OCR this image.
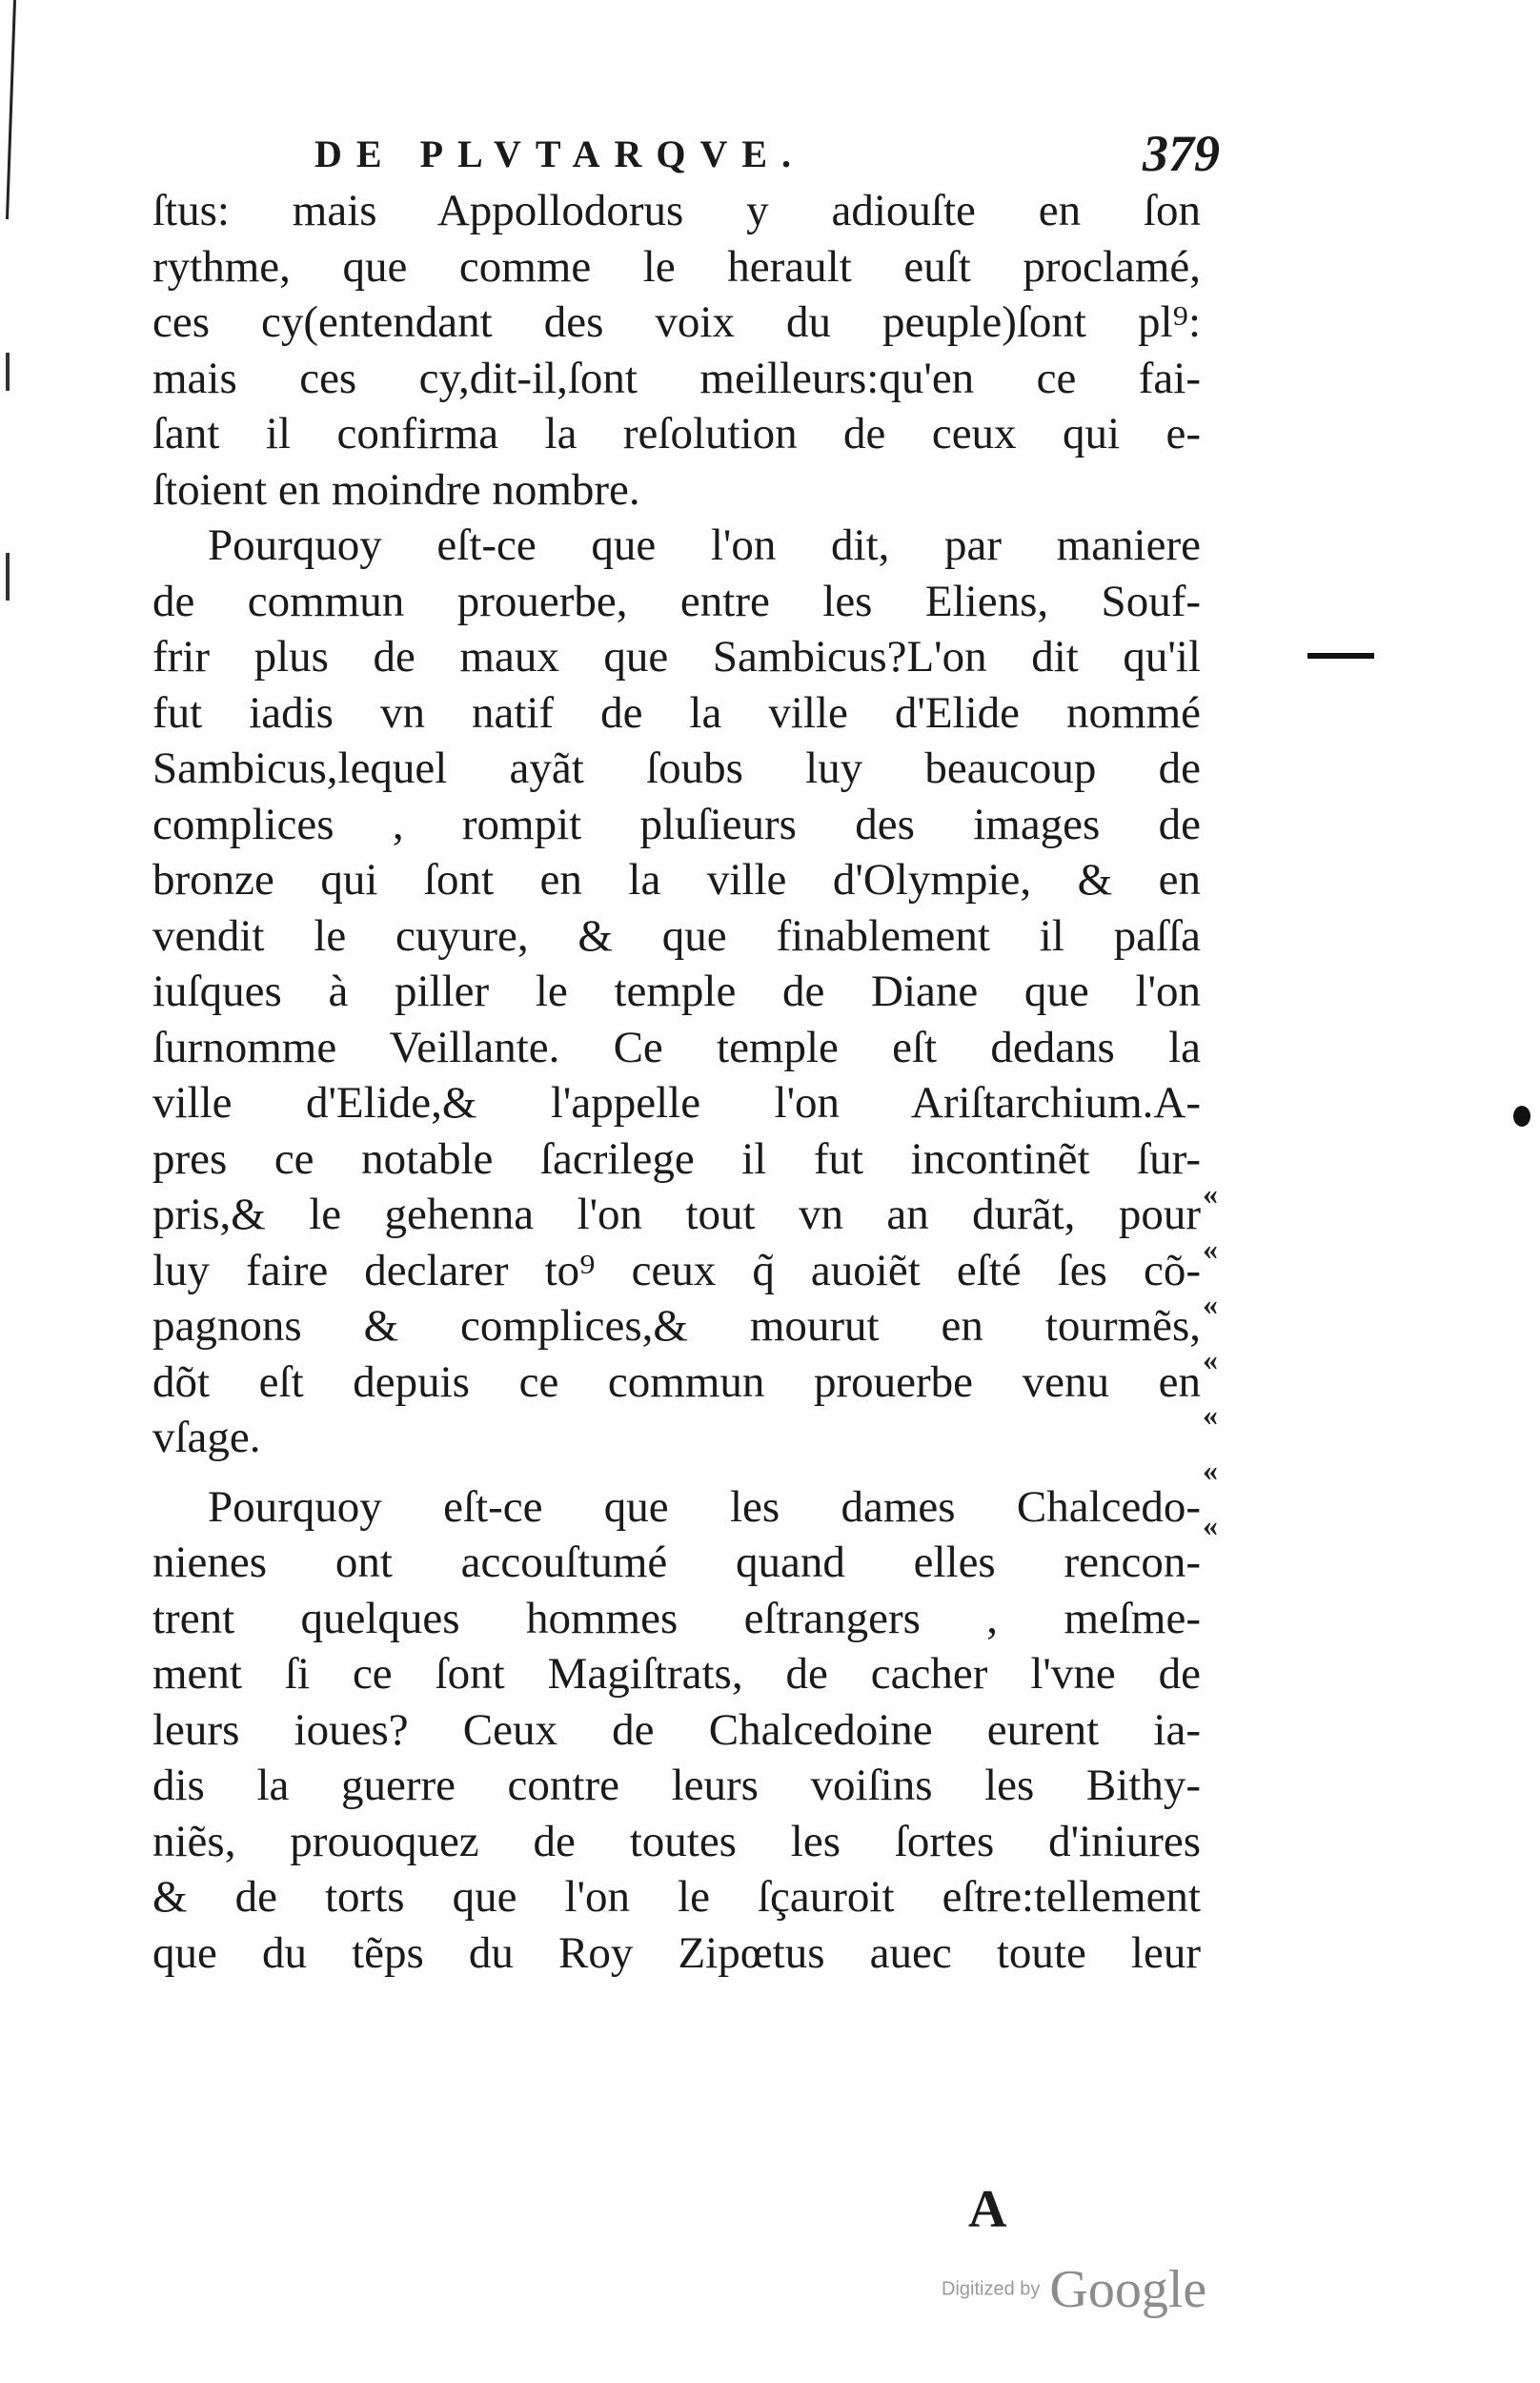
DE PLVTARQVE.	379
ſtus: mais Appollodorus y adiouſte en ſon
rythme, que comme le herault euſt proclamé,
ces cy(entendant des voix du peuple)ſont pl⁹:
mais ces cy,dit-il,ſont meilleurs:qu'en ce fai-
ſant il confirma la reſolution de ceux qui e-
ſtoient en moindre nombre.
Pourquoy eſt-ce que l'on dit, par maniere
de commun prouerbe, entre les Eliens, Souf-
frir plus de maux que Sambicus?L'on dit qu'il
fut iadis vn natif de la ville d'Elide nommé
Sambicus,lequel ayãt ſoubs luy beaucoup de
complices , rompit pluſieurs des images de
bronze qui ſont en la ville d'Olympie, & en
vendit le cuyure, & que finablement il paſſa
iuſques à piller le temple de Diane que l'on
ſurnomme Veillante. Ce temple eſt dedans la
ville d'Elide,& l'appelle l'on Ariſtarchium.A-
pres ce notable ſacrilege il fut incontinẽt ſur-
pris,& le gehenna l'on tout vn an durãt, pour
luy faire declarer to⁹ ceux q̃ auoiẽt eſté ſes cõ-
pagnons & complices,& mourut en tourmẽs,
dõt eſt depuis ce commun prouerbe venu en
vſage.
Pourquoy eſt-ce que les dames Chalcedo-
nienes ont accouſtumé quand elles rencon-
trent quelques hommes eſtrangers , meſme-
ment ſi ce ſont Magiſtrats, de cacher l'vne de
leurs ioues? Ceux de Chalcedoine eurent ia-
dis la guerre contre leurs voiſins les Bithy-
niẽs, prouoquez de toutes les ſortes d'iniures
& de torts que l'on le ſçauroit eſtre:tellement
que du tẽps du Roy Zipœtus auec toute leur
«
«
«
«
«
«
«
A
Digitized by Google
